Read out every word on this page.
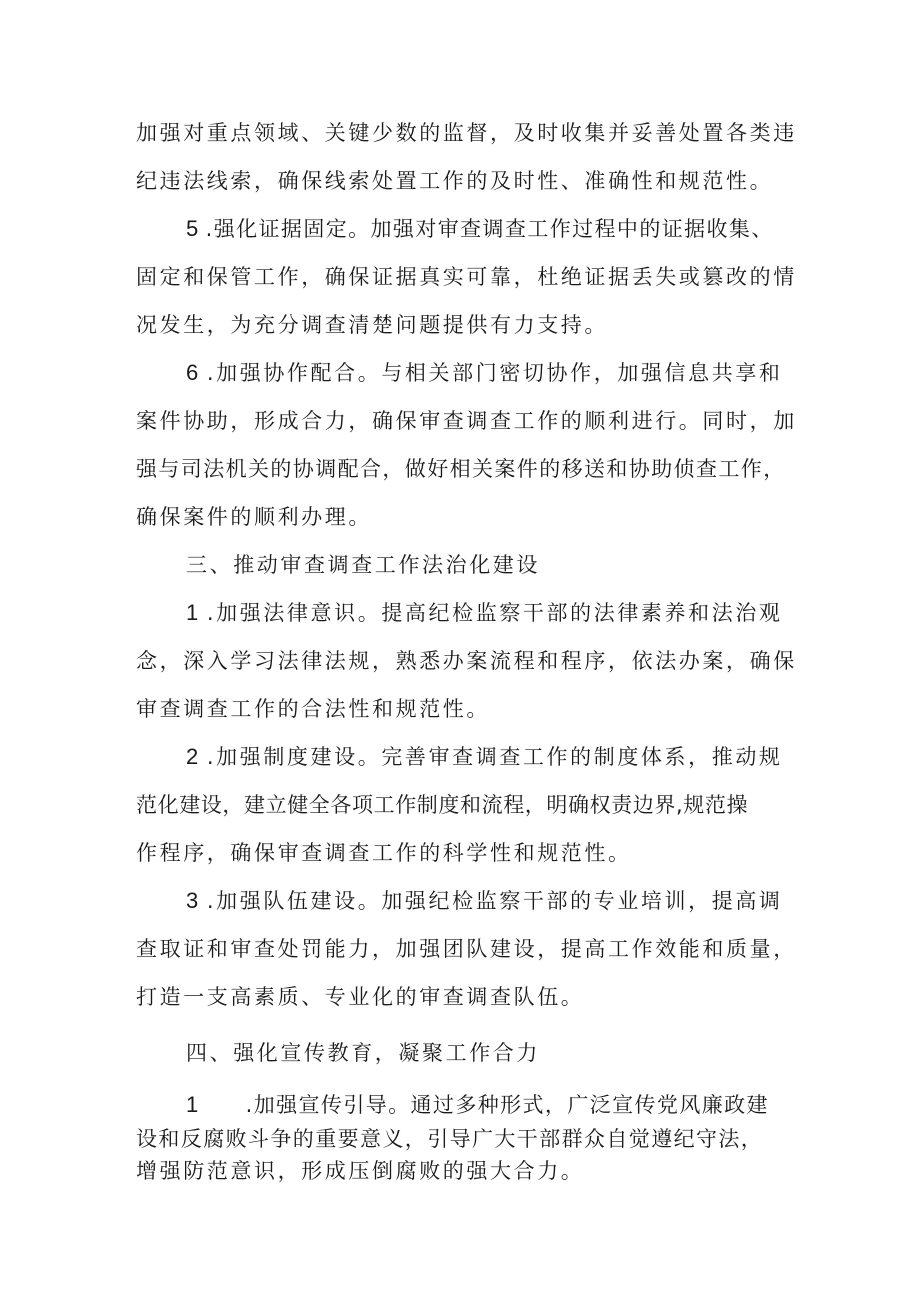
加强对重点领域、关键少数的监督，及时收集并妥善处置各类违
纪违法线索，确保线索处置工作的及时性、准确性和规范性。
5 .强化证据固定。加强对审查调查工作过程中的证据收集、
固定和保管工作，确保证据真实可靠，杜绝证据丢失或篡改的情
况发生，为充分调查清楚问题提供有力支持。
6 .加强协作配合。与相关部门密切协作，加强信息共享和
案件协助，形成合力，确保审查调查工作的顺利进行。同时，加
强与司法机关的协调配合，做好相关案件的移送和协助侦查工作，
确保案件的顺利办理。
三、推动审查调查工作法治化建设
1 .加强法律意识。提高纪检监察干部的法律素养和法治观
念，深入学习法律法规，熟悉办案流程和程序，依法办案，确保
审查调查工作的合法性和规范性。
2 .加强制度建设。完善审查调查工作的制度体系，推动规
范化建设，建立健全各项工作制度和流程，明确权责边界,规范操
作程序，确保审查调查工作的科学性和规范性。
3 .加强队伍建设。加强纪检监察干部的专业培训，提高调
查取证和审查处罚能力，加强团队建设，提高工作效能和质量，
打造一支高素质、专业化的审查调查队伍。
四、强化宣传教育，凝聚工作合力
1 .加强宣传引导。通过多种形式，广泛宣传党风廉政建
设和反腐败斗争的重要意义，引导广大干部群众自觉遵纪守法，
增强防范意识，形成压倒腐败的强大合力。
